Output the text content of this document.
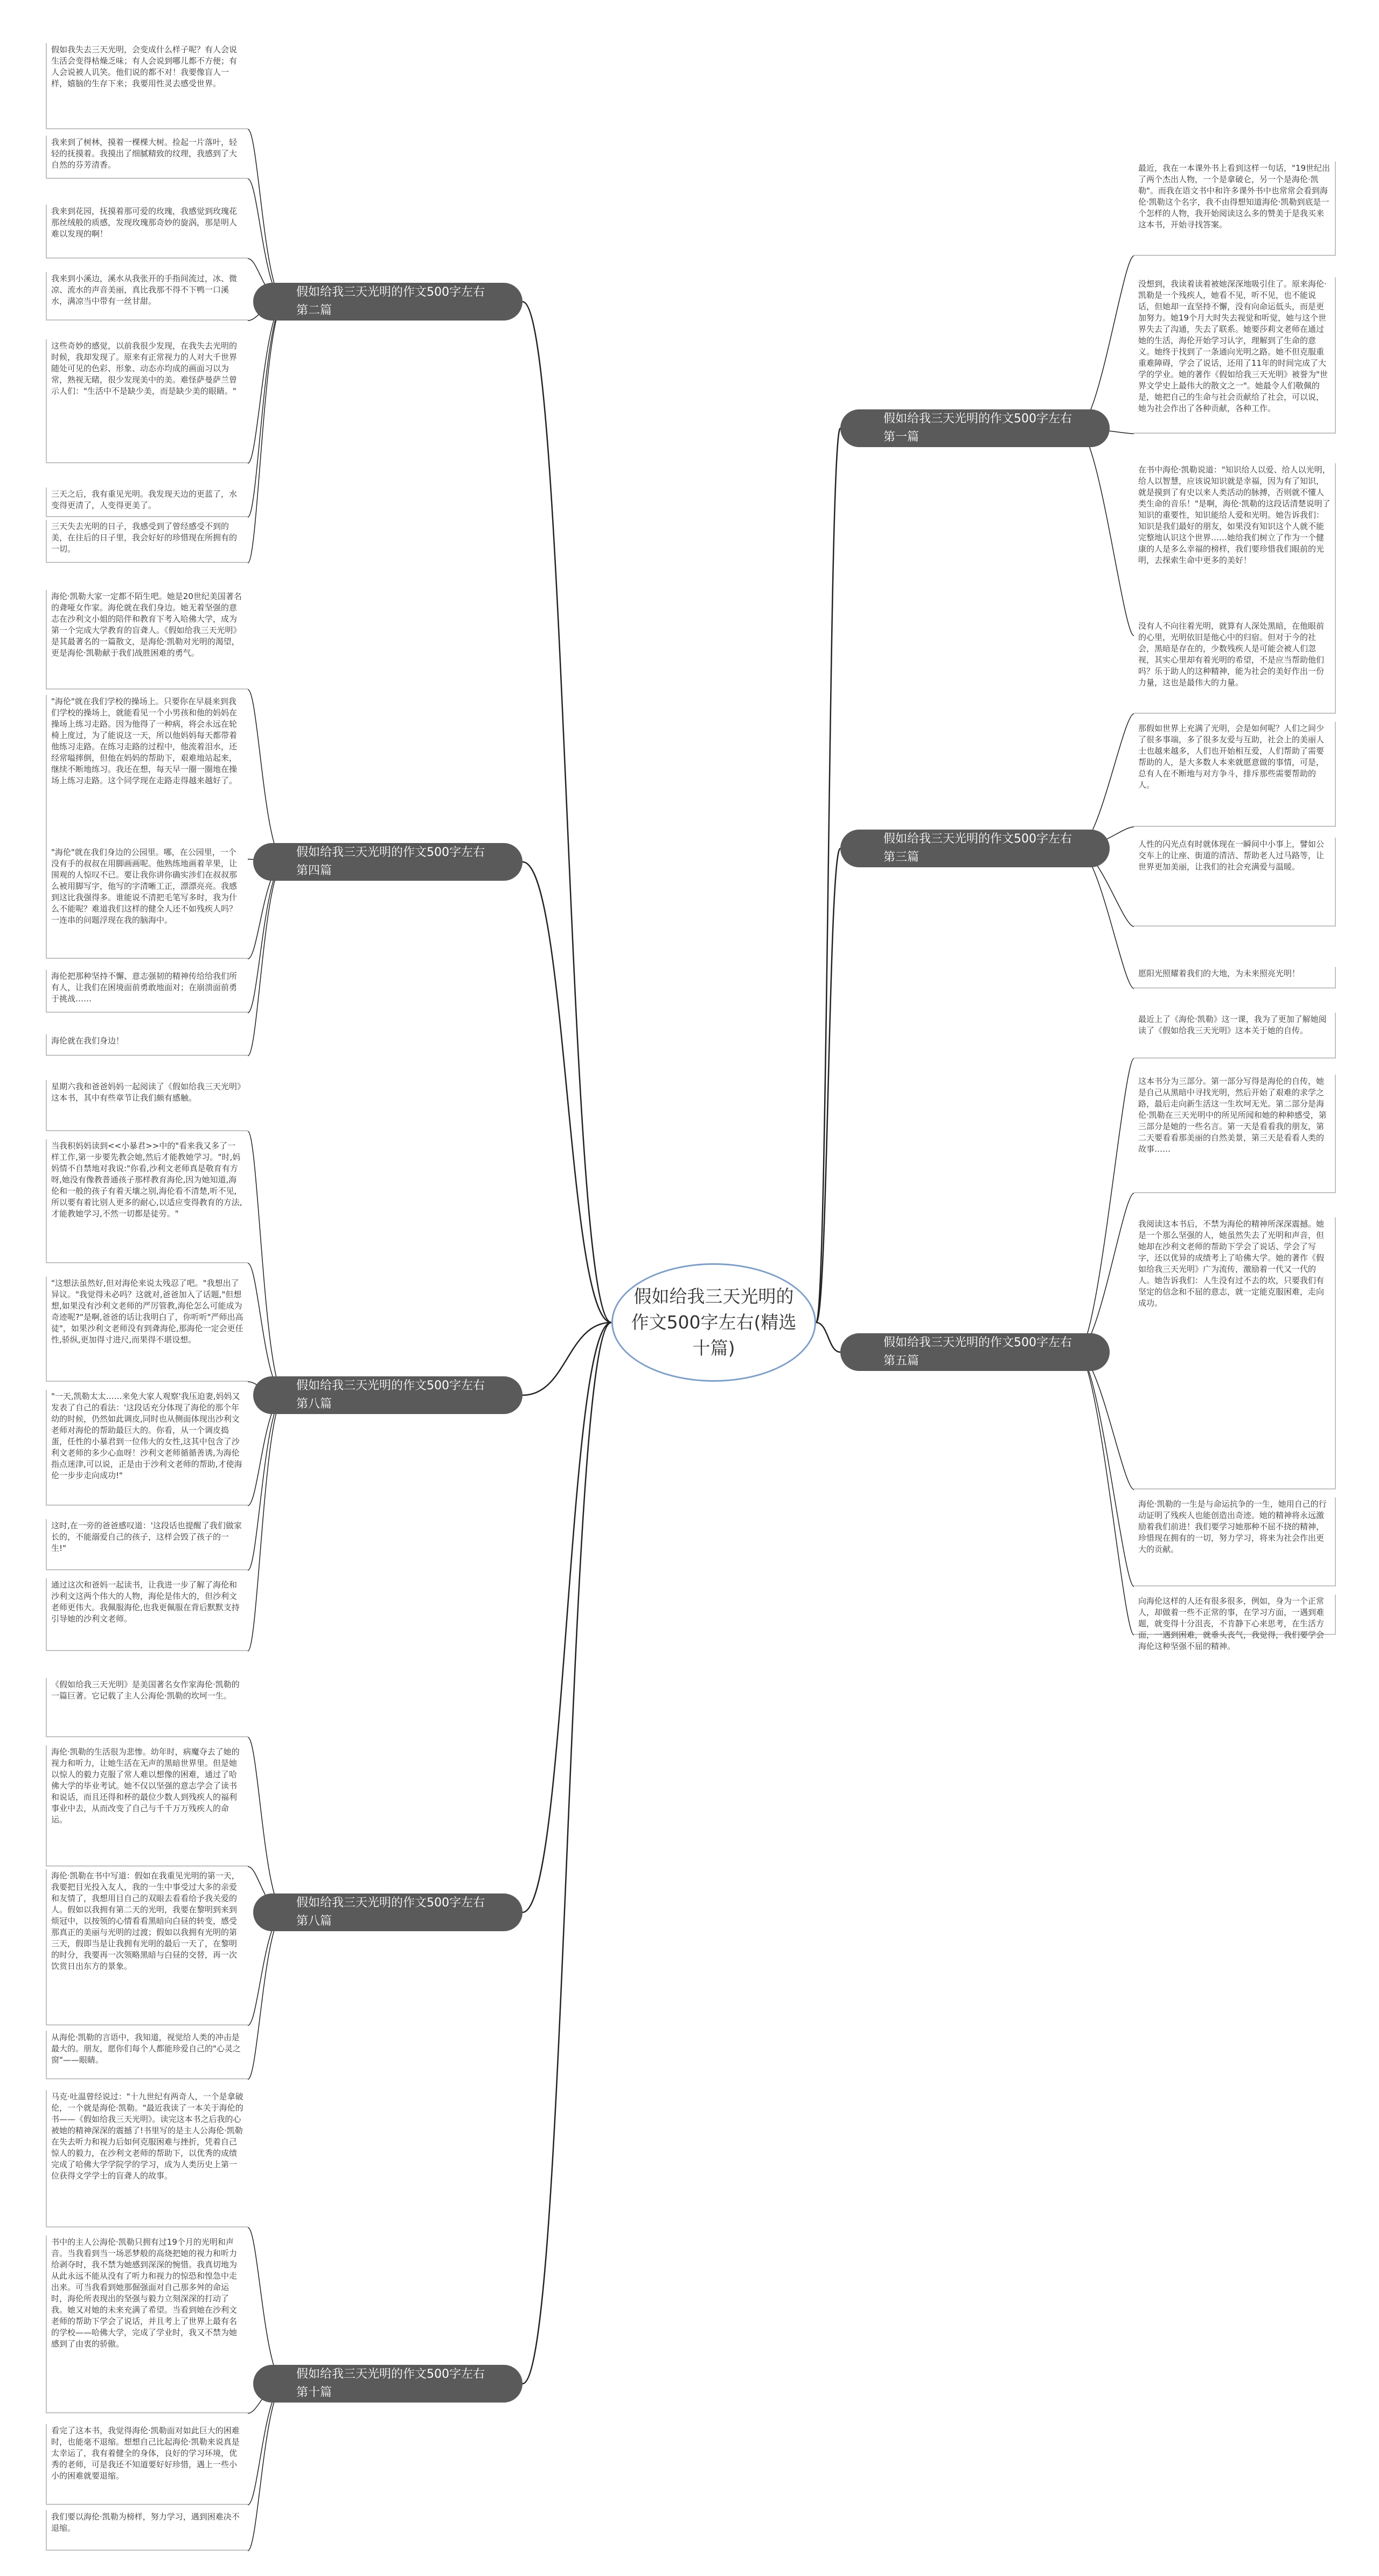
假如给我三天光明的作文500字左右(精选十篇)
假如给我三天光明的作文500字左右 第二篇
假如我失去三天光明，会变成什么样子呢？有人会说生活会变得枯燥乏味；有人会说到哪儿都不方便；有人会说被人讥笑。他们说的都不对！我要像盲人一样，嬉脑的生存下来；我要用性灵去感受世界。
我来到了树林，摸着一棵棵大树。捡起一片落叶，轻轻的抚摸着。我摸出了细腻精致的纹理，我感到了大自然的芬芳清香。
我来到花园，抚摸着那可爱的玫瑰，我感觉到玫瑰花那丝绒般的质感，发现玫瑰那奇妙的旋涡，那是明人难以发现的啊！
我来到小溪边，溪水从我张开的手指间流过，冰、微凉、流水的声音美丽，真比我那不得不下鸭一口溪水，满凉当中带有一丝甘甜。
这些奇妙的感觉，以前我很少发现，在我失去光明的时候，我却发现了。原来有正常视力的人对大千世界随处可见的色彩、形象、动态亦均成的画面习以为常，熟视无睹，很少发现美中的美。难怪萨曼萨兰曾示人们："生活中不是缺少美，而是缺少美的眼睛。"
三天之后，我有重见光明。我发现天边的更蓝了，水变得更清了，人变得更美了。
三天失去光明的日子，我感受到了曾经感受不到的美，在往后的日子里，我会好好的珍惜现在所拥有的一切。
假如给我三天光明的作文500字左右 第四篇
海伦·凯勒大家一定都不陌生吧。她是20世纪美国著名的聋哑女作家。海伦就在我们身边。她无着坚强的意志在沙利文小姐的陪伴和教育下考入哈佛大学，成为第一个完成大学教育的盲聋人。《假如给我三天光明》是其最著名的一篇散文，是海伦·凯勒对光明的渴望，更是海伦·凯勒献于我们战胜困难的勇气。
"海伦"就在我们学校的操场上。只要你在早晨来到我们学校的操场上，就能看见一个小男孩和他的妈妈在操场上练习走路。因为他得了一种病，将会永远在轮椅上度过，为了能说这一天，所以他妈妈每天都带着他练习走路。在练习走路的过程中，他流着泪水，还经常嗌摔倒，但他在妈妈的帮助下，艰难地站起来，继续不断地练习。我还在想，每天早一圈一圈地在操场上练习走路。这个同学现在走路走得越来越好了。
"海伦"就在我们身边的公园里。哪，在公园里，一个没有手的叔叔在用脚画画呢。他熟练地画着苹果，让围观的人惊叹不已。要让我你讲你确实涉们在叔叔那么被用脚写字，他写的字清晰工正，漂漂亮亮。我感到这比我强得多。谁能说不清把毛笔写多时，我为什么不能呢？难道我们这样的健全人还不如残疾人吗？一连串的问题浮现在我的脑海中。
海伦把那种坚持不懈、意志强韧的精神传给给我们所有人，让我们在困境面前勇敢地面对；在崩溃面前勇于挑战……
海伦就在我们身边！
假如给我三天光明的作文500字左右 第八篇
星期六我和爸爸妈妈一起阅读了《假如给我三天光明》这本书，其中有些章节让我们颇有感触。
当我积妈妈读到<<小暴君>>中的"看来我又多了一样工作,第一步要先教会她,然后才能教她学习。"时,妈妈情不自禁地对我说:"你看,沙利文老师真是敬育有方呀,她没有像教普通孩子那样教育海伦,因为她知道,海伦和一般的孩子有着天壤之别,海伦看不清楚,听不见,所以要有着比别人更多的耐心,以适应变得教育的方法,才能教她学习,不然一切都是徒劳。"
"这想法虽然好,但对海伦来说太残忍了吧。"我想出了异议。"我觉得未必吗？这就对,爸爸加入了话题,"但想想,如果没有沙利文老师的严厉管教,海伦怎么可能成为奇迹呢?"是啊,爸爸的话让我明白了，你听听"严师出高徒"，如果沙利文老师没有到聋海伦,那海伦一定会更任性,骄纵,更加得寸进尺,而果得不堪设想。
"一天,凯勒太太……来免大家人观察'我压迫妻,妈妈又发表了自己的看法：'这段话充分体现了海伦的那个年幼的时候，仍然如此调皮,同时也从侧面体现出沙利文老师对海伦的帮助最巨大的。你看，从一个调皮捣蛋，任性的小暴君到一位伟大的女性,这其中包含了沙利文老师的多少心血呀！沙利文老师循循善诱,为海伦指点迷津,可以说，正是由于沙利文老师的帮助,才使海伦一步步走向成功!"
这时,在一旁的爸爸感叹道：'这段话也提醒了我们做家长的，不能溺爱自己的孩子，这样会毁了孩子的一生!"
通过这次和爸妈一起读书，让我进一步了解了海伦和沙利文这两个伟大的人物，海伦是伟大的，但沙利文老师更伟大。我佩服海伦,也我更佩服在背后默默支持引导她的沙利文老师。
假如给我三天光明的作文500字左右 第八篇
《假如给我三天光明》是美国著名女作家海伦·凯勒的一篇巨著。它记载了主人公海伦·凯勒的坎坷一生。
海伦·凯勒的生活很为悲惨。幼年时，病魔夺去了她的视力和听力，让她生活在无声的黑暗世界里。但是她以惊人的毅力克服了常人难以想像的困难，通过了哈佛大学的毕业考试。她不仅以坚强的意志学会了读书和说话，而且还得和杯的最位少数人到残疾人的福利事业中去，从而改变了自己与千千万万残疾人的命运。
海伦·凯勒在书中写道：假如在我重见光明的第一天，我要把目光投入友人，我的一生中事受过大多的亲爱和友情了，我想用目自己的双眼去看看给予我关爱的人。假如以我拥有第二天的光明，我要在黎明到来到烦冠中，以按领的心情看看黑暗向白昼的转变，感受那真正的美丽与光明的过渡；假如以我拥有光明的第三天，假即当是让我拥有光明的最后一天了，在黎明的时分，我要再一次领略黑暗与白昼的交替，再一次饮赏日出东方的景象。
从海伦·凯勒的言语中，我知道，视觉给人类的冲击是最大的。朋友，愿你们每个人都能珍爱自己的"心灵之窗"——眼睛。
假如给我三天光明的作文500字左右 第十篇
马克·吐温曾经说过："十九世纪有两奇人，一个是拿破伦，一个就是海伦·凯勒。"最近我读了一本关于海伦的书——《假如给我三天光明》。读完这本书之后我的心被她的精神深深的震撼了!书里写的是主人公海伦·凯勒在失去听力和视力后如何克服困难与挫折，凭着自己惊人的毅力，在沙利文老师的帮助下，以优秀的成绩完成了哈佛大学学院学的学习，成为人类历史上第一位获得文学学士的盲聋人的故事。
书中的主人公海伦·凯勒只拥有过19个月的光明和声音。当我看到当一场恶梦般的高烧把她的视力和听力给剥夺时，我不禁为她感到深深的惋惜。我真切地为从此永远不能从没有了听力和视力的惊恐和惶急中走出来。可当我看到她那倔强面对自己那多舛的命运时，海伦所表现出的坚强与毅力立刻深深的打动了我。她又对她的未来充满了希望。当看到她在沙利文老师的帮助下学会了说话，并且考上了世界上最有名的学校——哈佛大学，完成了学业时，我又不禁为她感到了由衷的骄傲。
看完了这本书，我觉得海伦·凯勒面对如此巨大的困难时，也能毫不退缩。想想自己比起海伦·凯勒来说真是太幸运了，我有着健全的身体，良好的学习环境，优秀的老师，可是我还不知道要好好珍惜，遇上一些小小的困难就要退缩。
我们要以海伦·凯勒为榜样，努力学习，遇到困难决不退缩。
假如给我三天光明的作文500字左右 第一篇
最近，我在一本课外书上看到这样一句话，"19世纪出了两个杰出人物，一个是拿破仑，另一个是海伦·凯勒"。而我在语文书中和许多课外书中也常常会看到海伦·凯勒这个名字，我不由得想知道海伦·凯勒到底是一个怎样的人物，我开始阅读这么多的赞美于是我买来这本书，开始寻找答案。
没想到，我读着读着被她深深地吸引住了。原来海伦·凯勒是一个残疾人，她看不见，听不见，也不能说话，但她却一直坚持不懈，没有向命运低头，而是更加努力。她19个月大时失去视觉和听觉，她与这个世界失去了沟通，失去了联系。她要莎莉文老师在通过她的生活，海伦开始学习认字，理解到了生命的意义。她终于找到了一条通向光明之路。她不但克服重重难障碍，学会了说话，还用了11年的时间完成了大学的学业。她的著作《假如给我三天光明》被誉为"世界文学史上最伟大的散文之一"。她最令人们敬佩的是，她把自己的生命与社会贡献给了社会，可以说，她为社会作出了各种贡献，各种工作。
在书中海伦·凯勒说道："知识给人以爱、给人以光明，给人以智慧，应该说知识就是幸福，因为有了知识，就是摸到了有史以来人类活动的脉搏，否则就不懂人类生命的音乐！"是啊，海伦·凯勒的这段话清楚说明了知识的重要性，知识能给人爱和光明。她告诉我们：知识是我们最好的朋友，如果没有知识这个人就不能完整地认识这个世界……她给我们树立了作为一个健康的人是多么幸福的榜样，我们要珍惜我们眼前的光明，去探索生命中更多的美好！
假如给我三天光明的作文500字左右 第三篇
没有人不向往着光明，就算有人深处黑暗，在他眼前的心里，光明依旧是他心中的归宿。但对于今的社会，黑暗是存在的，少数残疾人是可能会被人们忽视，其实心里却有着光明的希望，不是应当帮助他们吗？乐于助人的这种精神，能为社会的美好作出一份力量，这也是最伟大的力量。
那假如世界上充满了光明，会是如何呢？人们之间少了很多事端，多了很多友爱与互助，社会上的美丽人士也越来越多，人们也开始相互爱，人们帮助了需要帮助的人，是大多数人本来就愿意做的事情，可是，总有人在不断地与对方争斗，排斥那些需要帮助的人。
人性的闪光点有时就体现在一瞬间中小事上，譬如公交车上的让座、街道的清洁、帮助老人过马路等，让世界更加美丽，让我们的社会充满爱与温暖。
愿阳光照耀着我们的大地，为未来照亮光明！
假如给我三天光明的作文500字左右 第五篇
最近上了《海伦·凯勒》这一课，我为了更加了解她阅读了《假如给我三天光明》这本关于她的自传。
这本书分为三部分。第一部分写得是海伦的自传，她是自己从黑暗中寻找光明，然后开始了艰难的求学之路，最后走向新生活这一生坎坷无光。第二部分是海伦·凯勒在三天光明中的所见所闻和她的种种感受，第三部分是她的一些名言。第一天是看看我的朋友，第二天要看看那美丽的自然美景，第三天是看看人类的故事……
我阅读这本书后，不禁为海伦的精神所深深震撼。她是一个那么坚强的人，她虽然失去了光明和声音，但她却在沙利文老师的帮助下学会了说话、学会了写字，还以优异的成绩考上了哈佛大学。她的著作《假如给我三天光明》广为流传，激励着一代又一代的人。她告诉我们：人生没有过不去的坎，只要我们有坚定的信念和不屈的意志，就一定能克服困难，走向成功。
海伦·凯勒的一生是与命运抗争的一生，她用自己的行动证明了残疾人也能创造出奇迹。她的精神将永远激励着我们前进！我们要学习她那种不屈不挠的精神，珍惜现在拥有的一切，努力学习，将来为社会作出更大的贡献。
向海伦这样的人还有很多很多，例如，身为一个正常人，却做着一些不正常的事，在学习方面，一遇到难题，就变得十分沮丧，不肯静下心来思考，在生活方面，一遇到困难，就垂头丧气，我觉得，我们要学会海伦这种坚强不屈的精神。
